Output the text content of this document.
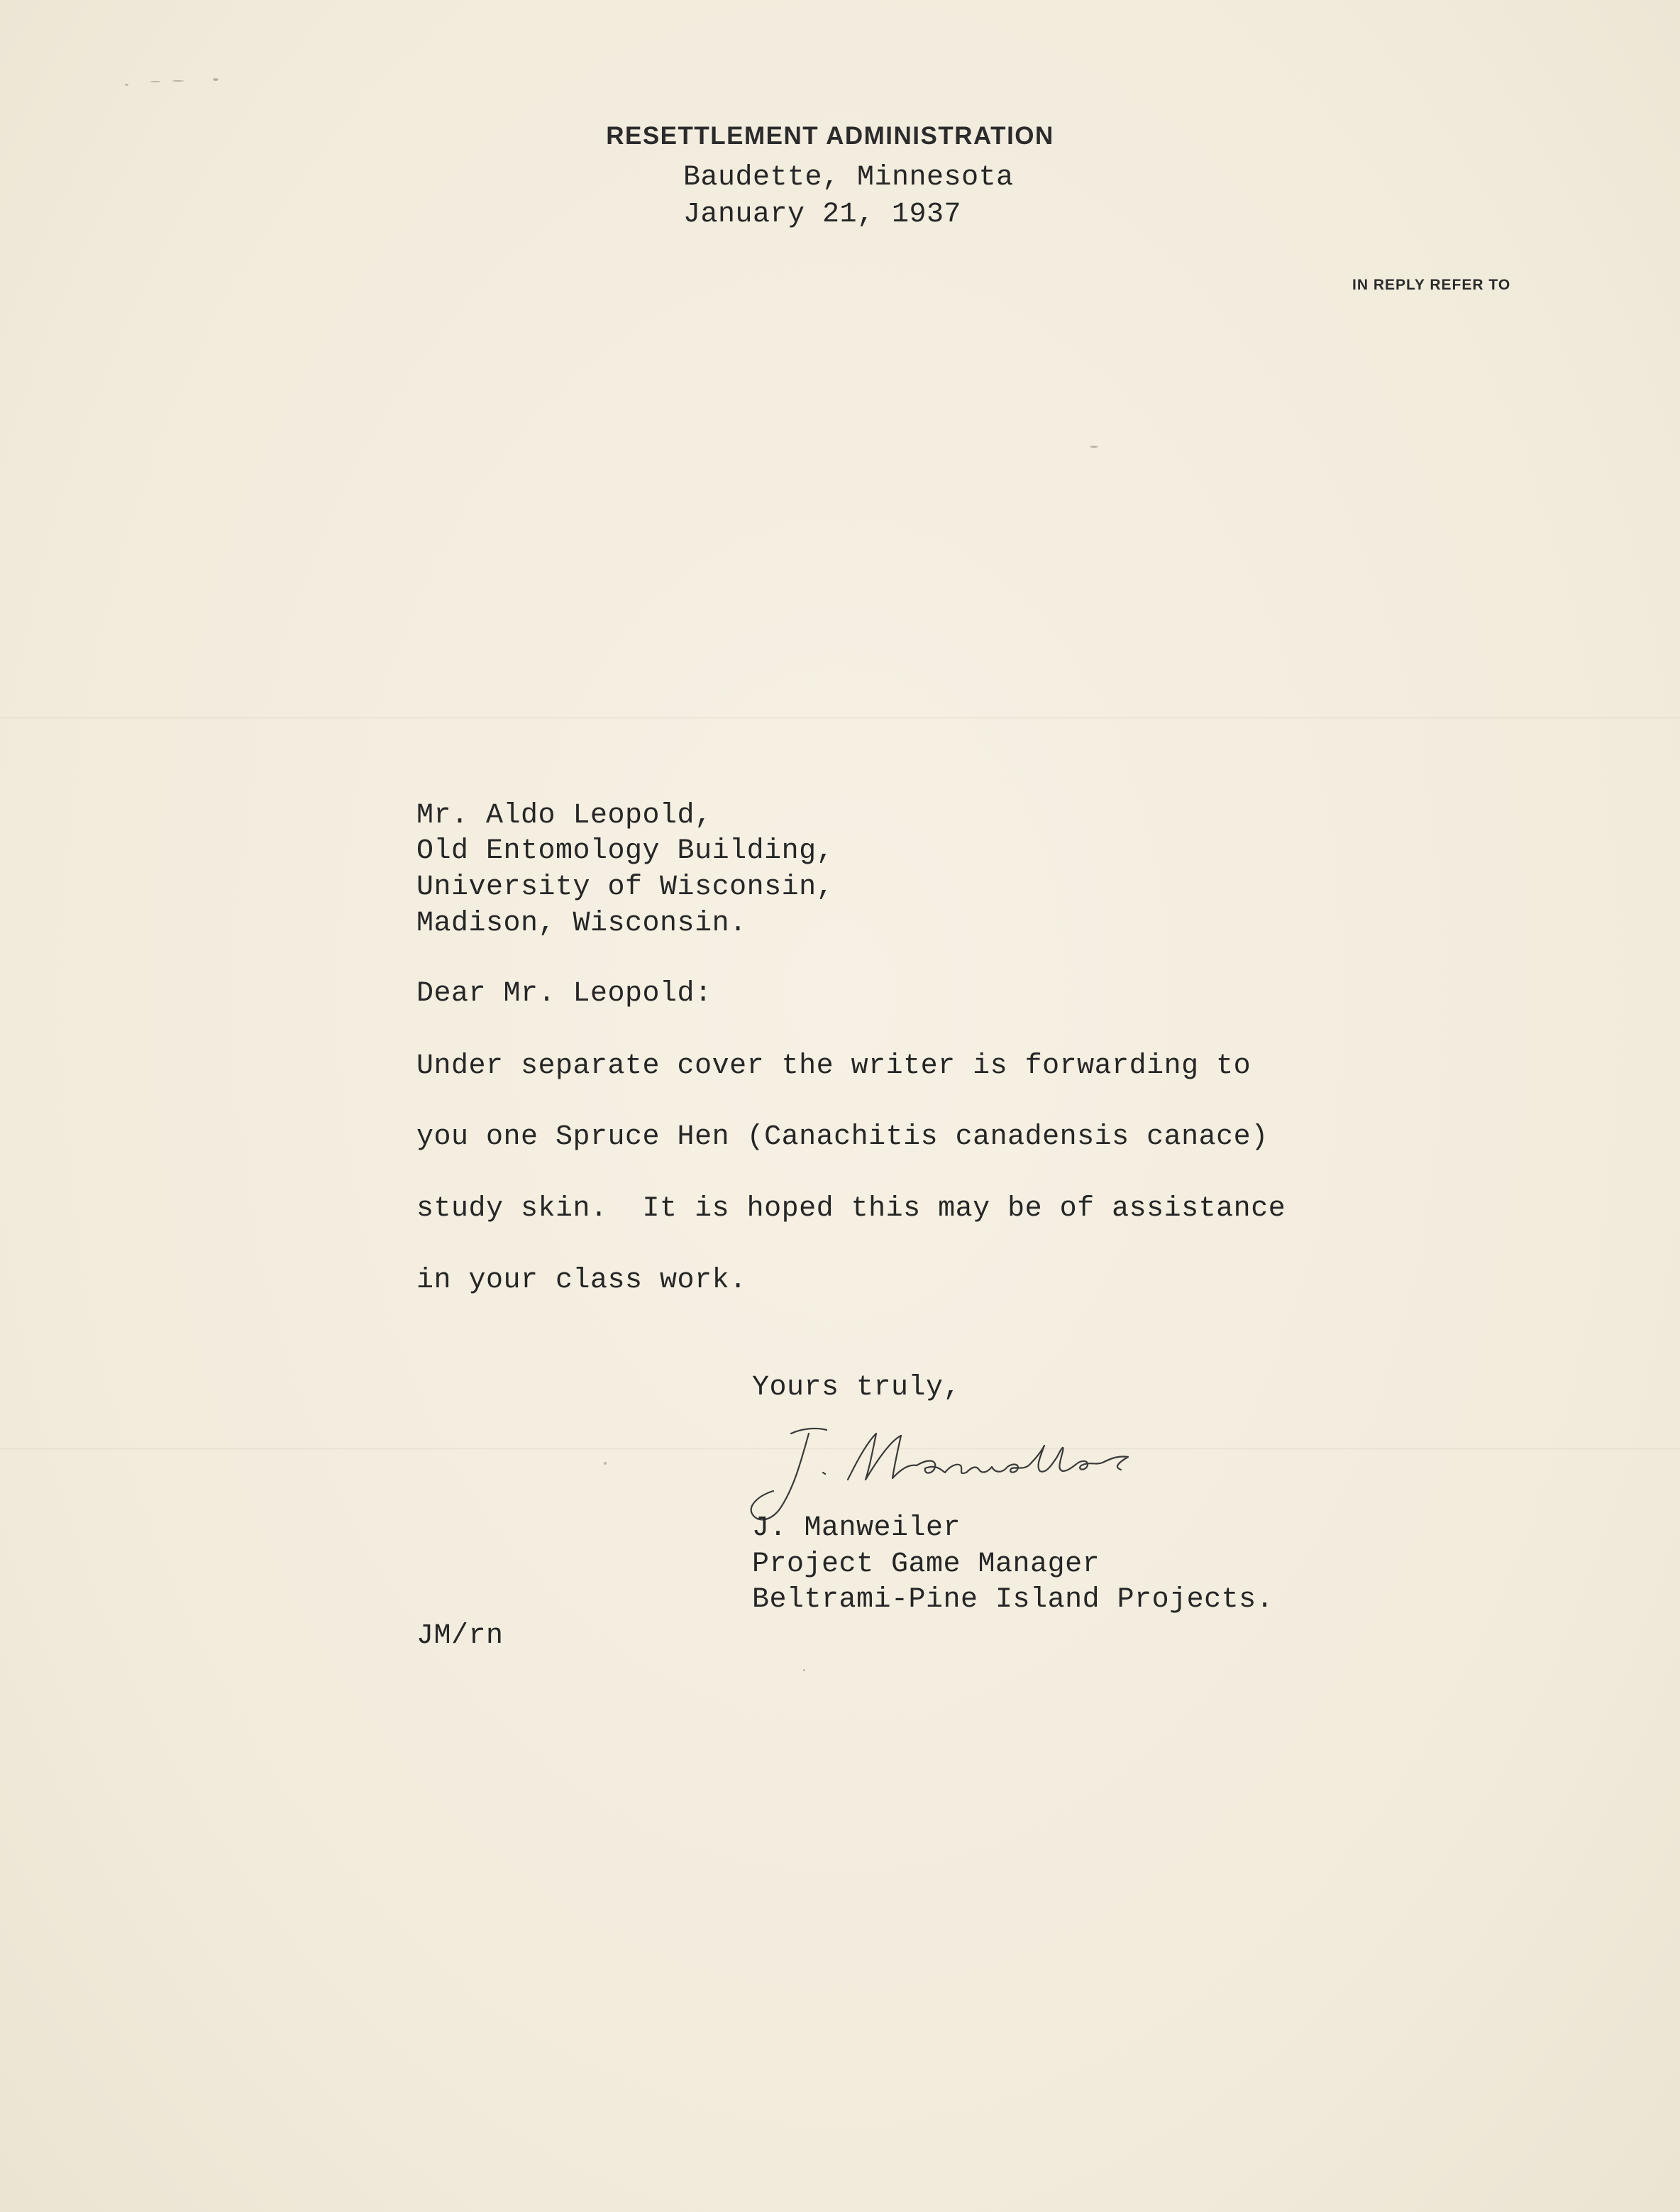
RESETTLEMENT ADMINISTRATION
Baudette, Minnesota
January 21, 1937
IN REPLY REFER TO
Mr. Aldo Leopold,
Old Entomology Building,
University of Wisconsin,
Madison, Wisconsin.
Dear Mr. Leopold:
Under separate cover the writer is forwarding to
you one Spruce Hen (Canachitis canadensis canace)
study skin.  It is hoped this may be of assistance
in your class work.
Yours truly,
J. Manweiler
Project Game Manager
Beltrami-Pine Island Projects.
JM/rn
